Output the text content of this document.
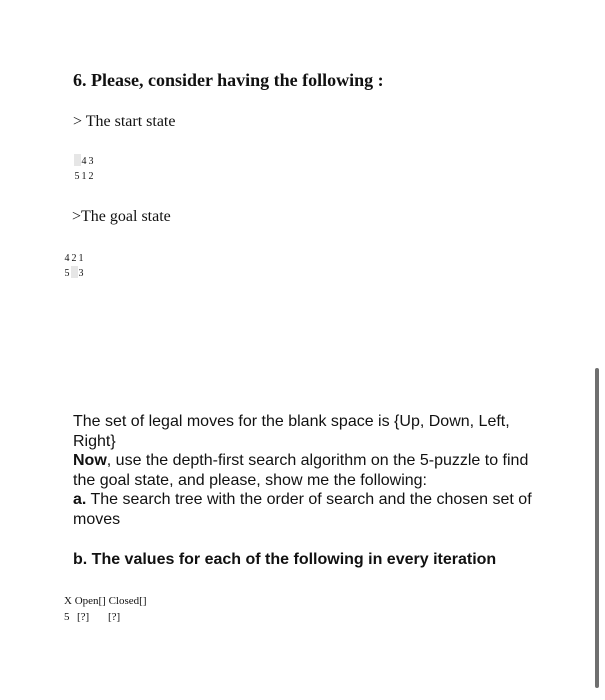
6. Please, consider having the following :
> The start state
4 3
5 1 2
>The goal state
4 2 1
5 3

The set of legal moves for the blank space is {Up, Down, Left, Right}

Now, use the depth-first search algorithm on the 5-puzzle to find the goal state, and please, show me the following:

a. The search tree with the order of search and the chosen set of moves

b. The values for each of the following in every iteration
X Open[] Closed[]
5 [?] [?]
